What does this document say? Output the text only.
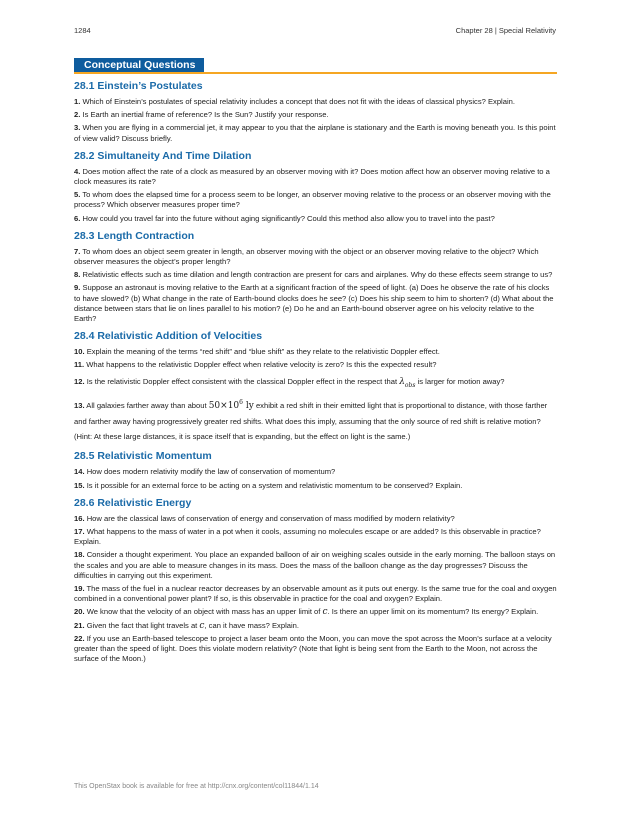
1284	Chapter 28 | Special Relativity
Conceptual Questions
28.1 Einstein’s Postulates

1. Which of Einstein’s postulates of special relativity includes a concept that does not fit with the ideas of classical physics? Explain.

2. Is Earth an inertial frame of reference? Is the Sun? Justify your response.

3. When you are flying in a commercial jet, it may appear to you that the airplane is stationary and the Earth is moving beneath you. Is this point of view valid? Discuss briefly.

28.2 Simultaneity And Time Dilation

4. Does motion affect the rate of a clock as measured by an observer moving with it? Does motion affect how an observer moving relative to a clock measures its rate?

5. To whom does the elapsed time for a process seem to be longer, an observer moving relative to the process or an observer moving with the process? Which observer measures proper time?

6. How could you travel far into the future without aging significantly? Could this method also allow you to travel into the past?

28.3 Length Contraction

7. To whom does an object seem greater in length, an observer moving with the object or an observer moving relative to the object? Which observer measures the object’s proper length?

8. Relativistic effects such as time dilation and length contraction are present for cars and airplanes. Why do these effects seem strange to us?

9. Suppose an astronaut is moving relative to the Earth at a significant fraction of the speed of light. (a) Does he observe the rate of his clocks to have slowed? (b) What change in the rate of Earth-bound clocks does he see? (c) Does his ship seem to him to shorten? (d) What about the distance between stars that lie on lines parallel to his motion? (e) Do he and an Earth-bound observer agree on his velocity relative to the Earth?

28.4 Relativistic Addition of Velocities

10. Explain the meaning of the terms “red shift” and “blue shift” as they relate to the relativistic Doppler effect.

11. What happens to the relativistic Doppler effect when relative velocity is zero? Is this the expected result?

12. Is the relativistic Doppler effect consistent with the classical Doppler effect in the respect that $\lambda_{obs}$ is larger for motion away?

13. All galaxies farther away than about $50\times 10^6$ ly exhibit a red shift in their emitted light that is proportional to distance, with those farther and farther away having progressively greater red shifts. What does this imply, assuming that the only source of red shift is relative motion? (Hint: At these large distances, it is space itself that is expanding, but the effect on light is the same.)

28.5 Relativistic Momentum

14. How does modern relativity modify the law of conservation of momentum?

15. Is it possible for an external force to be acting on a system and relativistic momentum to be conserved? Explain.

28.6 Relativistic Energy

16. How are the classical laws of conservation of energy and conservation of mass modified by modern relativity?

17. What happens to the mass of water in a pot when it cools, assuming no molecules escape or are added? Is this observable in practice? Explain.

18. Consider a thought experiment. You place an expanded balloon of air on weighing scales outside in the early morning. The balloon stays on the scales and you are able to measure changes in its mass. Does the mass of the balloon change as the day progresses? Discuss the difficulties in carrying out this experiment.

19. The mass of the fuel in a nuclear reactor decreases by an observable amount as it puts out energy. Is the same true for the coal and oxygen combined in a conventional power plant? If so, is this observable in practice for the coal and oxygen? Explain.

20. We know that the velocity of an object with mass has an upper limit of c. Is there an upper limit on its momentum? Its energy? Explain.

21. Given the fact that light travels at c, can it have mass? Explain.

22. If you use an Earth-based telescope to project a laser beam onto the Moon, you can move the spot across the Moon’s surface at a velocity greater than the speed of light. Does this violate modern relativity? (Note that light is being sent from the Earth to the Moon, not across the surface of the Moon.)

This OpenStax book is available for free at http://cnx.org/content/col11844/1.14
